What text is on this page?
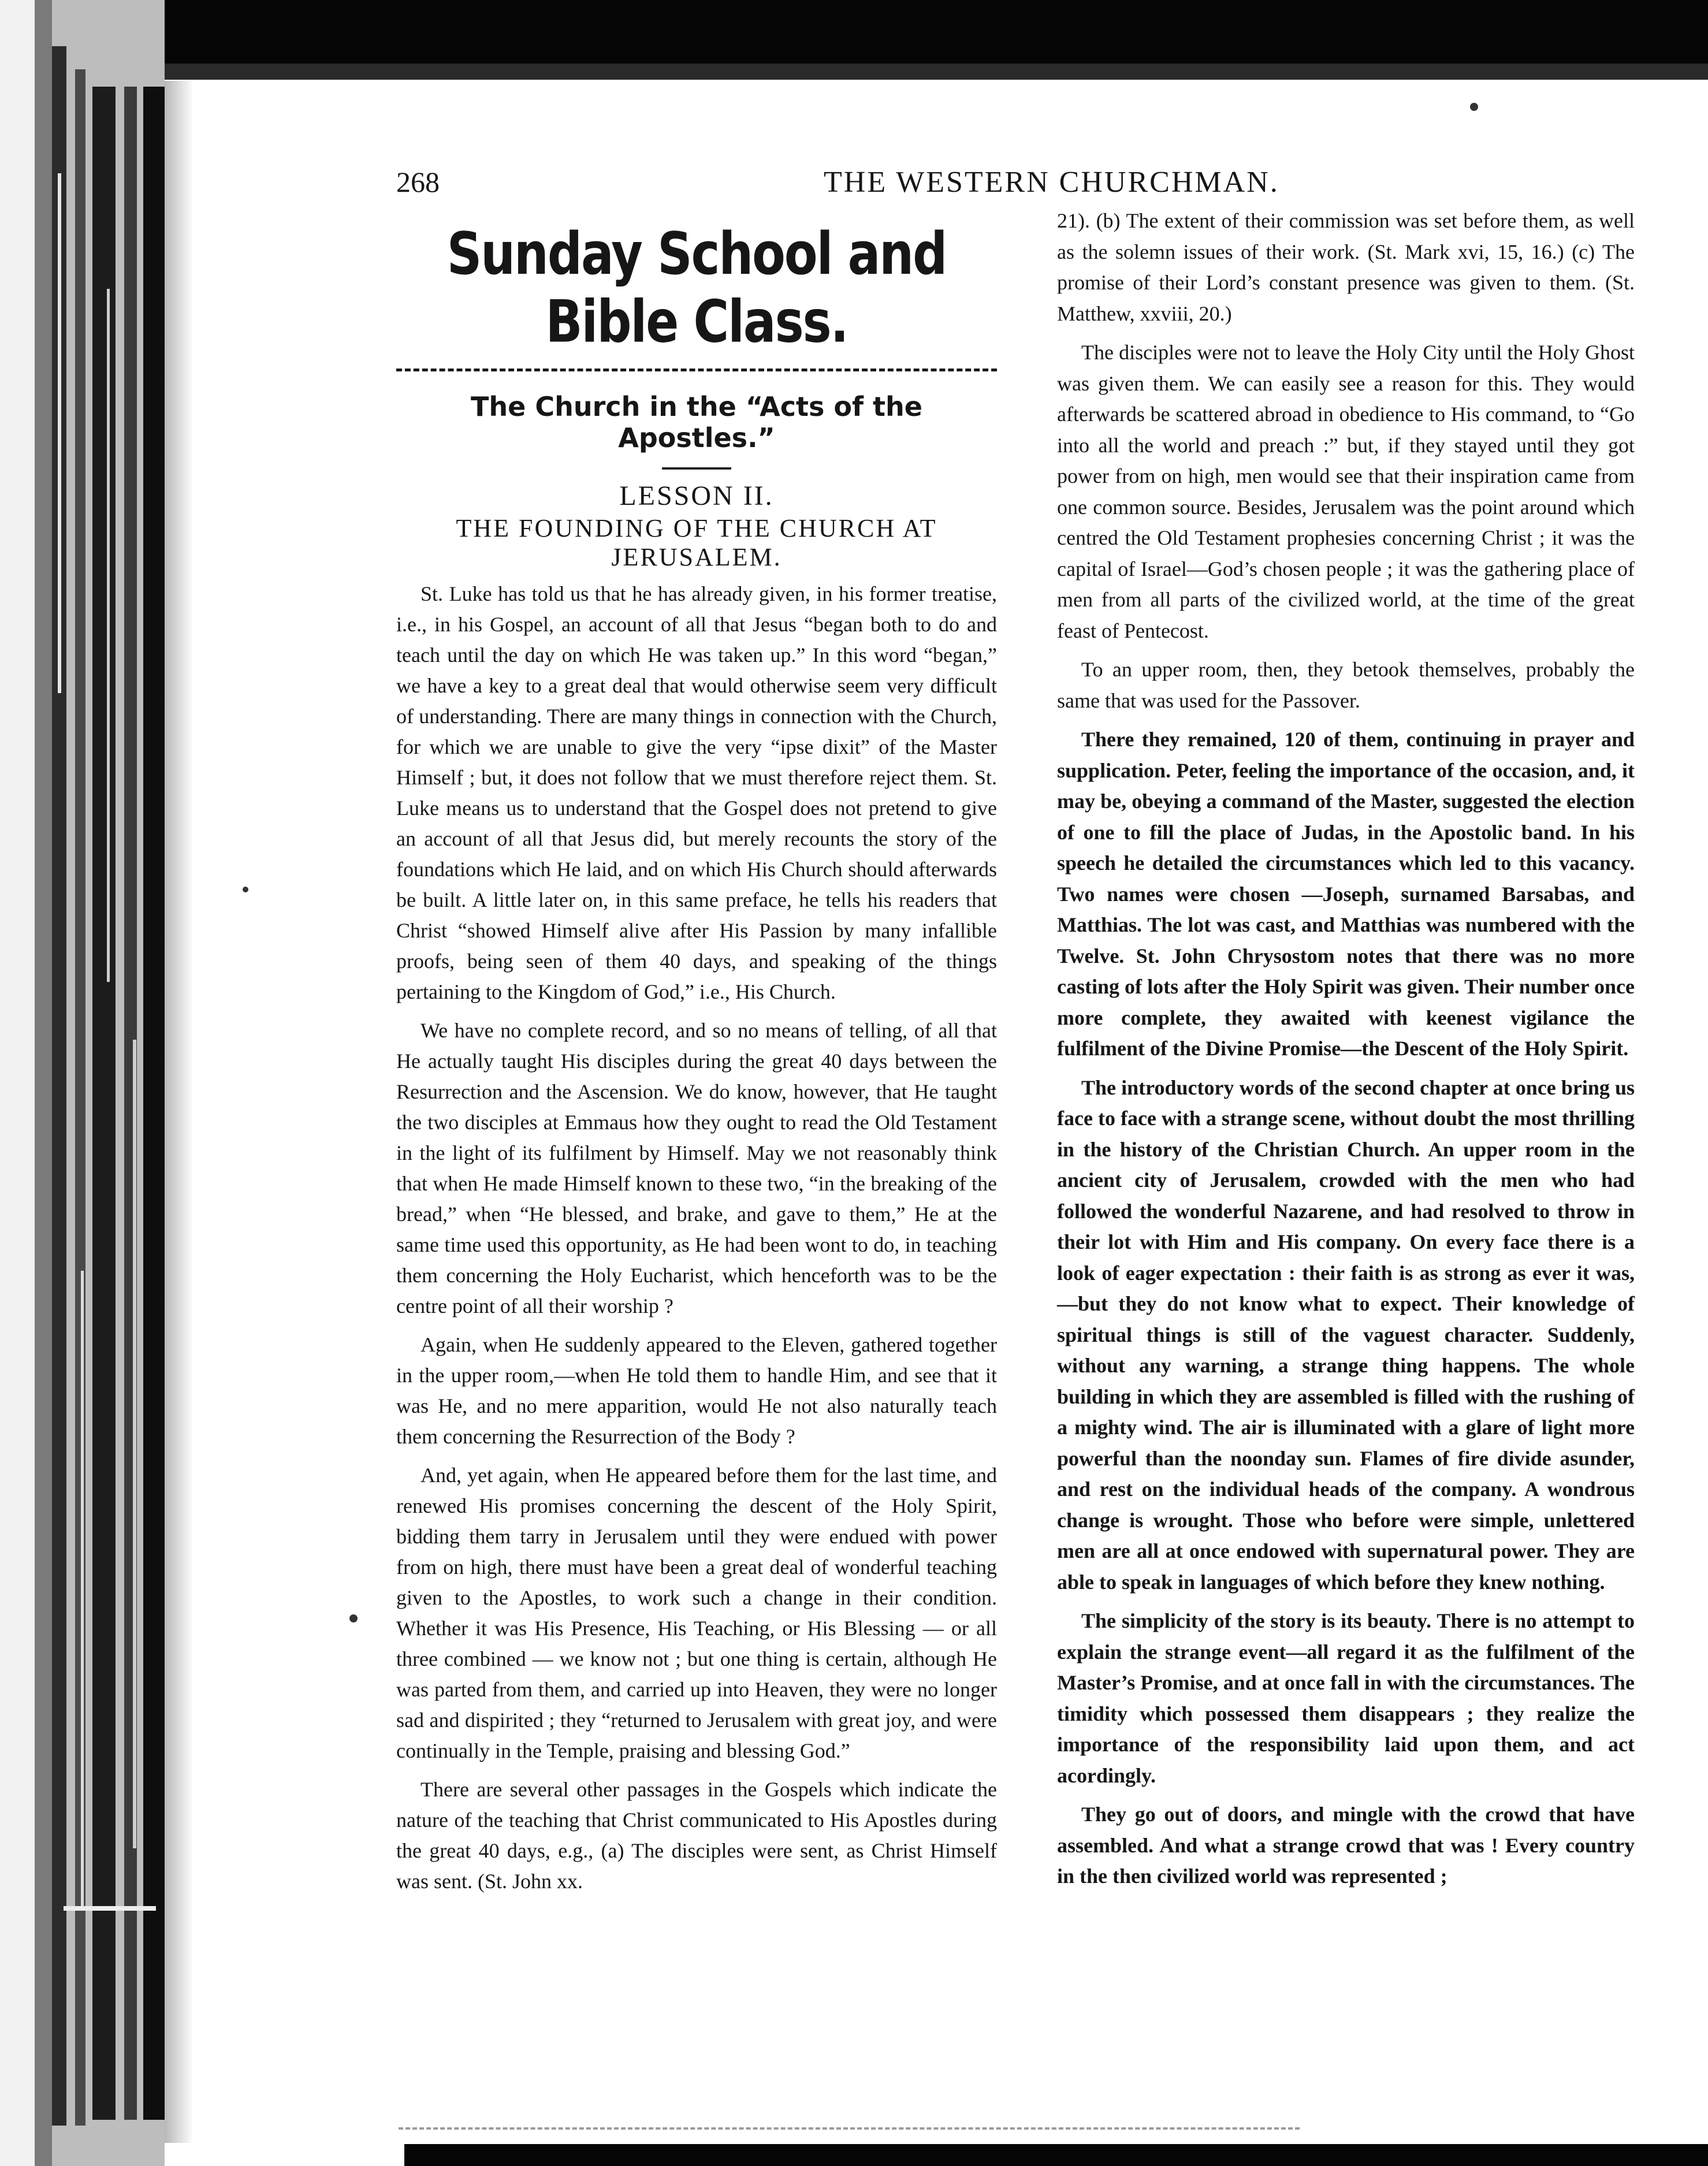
268	THE WESTERN CHURCHMAN.
Sunday School and Bible Class.
The Church in the “Acts of the Apostles.”
LESSON II.
THE FOUNDING OF THE CHURCH AT JERUSALEM.

St. Luke has told us that he has already given, in his former treatise, i.e., in his Gospel, an account of all that Jesus “began both to do and teach until the day on which He was taken up.” In this word “began,” we have a key to a great deal that would otherwise seem very difficult of understanding. There are many things in connection with the Church, for which we are unable to give the very “ipse dixit” of the Master Himself ; but, it does not follow that we must therefore reject them. St. Luke means us to understand that the Gospel does not pretend to give an account of all that Jesus did, but merely recounts the story of the foundations which He laid, and on which His Church should afterwards be built. A little later on, in this same preface, he tells his readers that Christ “showed Himself alive after His Passion by many infallible proofs, being seen of them 40 days, and speaking of the things pertaining to the Kingdom of God,” i.e., His Church.

We have no complete record, and so no means of telling, of all that He actually taught His disciples during the great 40 days between the Resurrection and the Ascension. We do know, however, that He taught the two disciples at Emmaus how they ought to read the Old Testament in the light of its fulfilment by Himself. May we not reasonably think that when He made Himself known to these two, “in the breaking of the bread,” when “He blessed, and brake, and gave to them,” He at the same time used this opportunity, as He had been wont to do, in teaching them concerning the Holy Eucharist, which henceforth was to be the centre point of all their worship ?

Again, when He suddenly appeared to the Eleven, gathered together in the upper room,—when He told them to handle Him, and see that it was He, and no mere apparition, would He not also naturally teach them concerning the Resurrection of the Body ?

And, yet again, when He appeared before them for the last time, and renewed His promises concerning the descent of the Holy Spirit, bidding them tarry in Jerusalem until they were endued with power from on high, there must have been a great deal of wonderful teaching given to the Apostles, to work such a change in their condition. Whether it was His Presence, His Teaching, or His Blessing — or all three combined — we know not ; but one thing is certain, although He was parted from them, and carried up into Heaven, they were no longer sad and dispirited ; they “returned to Jerusalem with great joy, and were continually in the Temple, praising and blessing God.”

There are several other passages in the Gospels which indicate the nature of the teaching that Christ communicated to His Apostles during the great 40 days, e.g., (a) The disciples were sent, as Christ Himself was sent. (St. John xx.

21). (b) The extent of their commission was set before them, as well as the solemn issues of their work. (St. Mark xvi, 15, 16.) (c) The promise of their Lord’s constant presence was given to them. (St. Matthew, xxviii, 20.)

The disciples were not to leave the Holy City until the Holy Ghost was given them. We can easily see a reason for this. They would afterwards be scattered abroad in obedience to His command, to “Go into all the world and preach :” but, if they stayed until they got power from on high, men would see that their inspiration came from one common source. Besides, Jerusalem was the point around which centred the Old Testament prophesies concerning Christ ; it was the capital of Israel—God’s chosen people ; it was the gathering place of men from all parts of the civilized world, at the time of the great feast of Pentecost.

To an upper room, then, they betook themselves, probably the same that was used for the Passover.

There they remained, 120 of them, continuing in prayer and supplication. Peter, feeling the importance of the occasion, and, it may be, obeying a command of the Master, suggested the election of one to fill the place of Judas, in the Apostolic band. In his speech he detailed the circumstances which led to this vacancy. Two names were chosen —Joseph, surnamed Barsabas, and Matthias. The lot was cast, and Matthias was numbered with the Twelve. St. John Chrysostom notes that there was no more casting of lots after the Holy Spirit was given. Their number once more complete, they awaited with keenest vigilance the fulfilment of the Divine Promise—the Descent of the Holy Spirit.

The introductory words of the second chapter at once bring us face to face with a strange scene, without doubt the most thrilling in the history of the Christian Church. An upper room in the ancient city of Jerusalem, crowded with the men who had followed the wonderful Nazarene, and had resolved to throw in their lot with Him and His company. On every face there is a look of eager expectation : their faith is as strong as ever it was,—but they do not know what to expect. Their knowledge of spiritual things is still of the vaguest character. Suddenly, without any warning, a strange thing happens. The whole building in which they are assembled is filled with the rushing of a mighty wind. The air is illuminated with a glare of light more powerful than the noonday sun. Flames of fire divide asunder, and rest on the individual heads of the company. A wondrous change is wrought. Those who before were simple, unlettered men are all at once endowed with supernatural power. They are able to speak in languages of which before they knew nothing.

The simplicity of the story is its beauty. There is no attempt to explain the strange event—all regard it as the fulfilment of the Master’s Promise, and at once fall in with the circumstances. The timidity which possessed them disappears ; they realize the importance of the responsibility laid upon them, and act acordingly.

They go out of doors, and mingle with the crowd that have assembled. And what a strange crowd that was ! Every country in the then civilized world was represented ;
